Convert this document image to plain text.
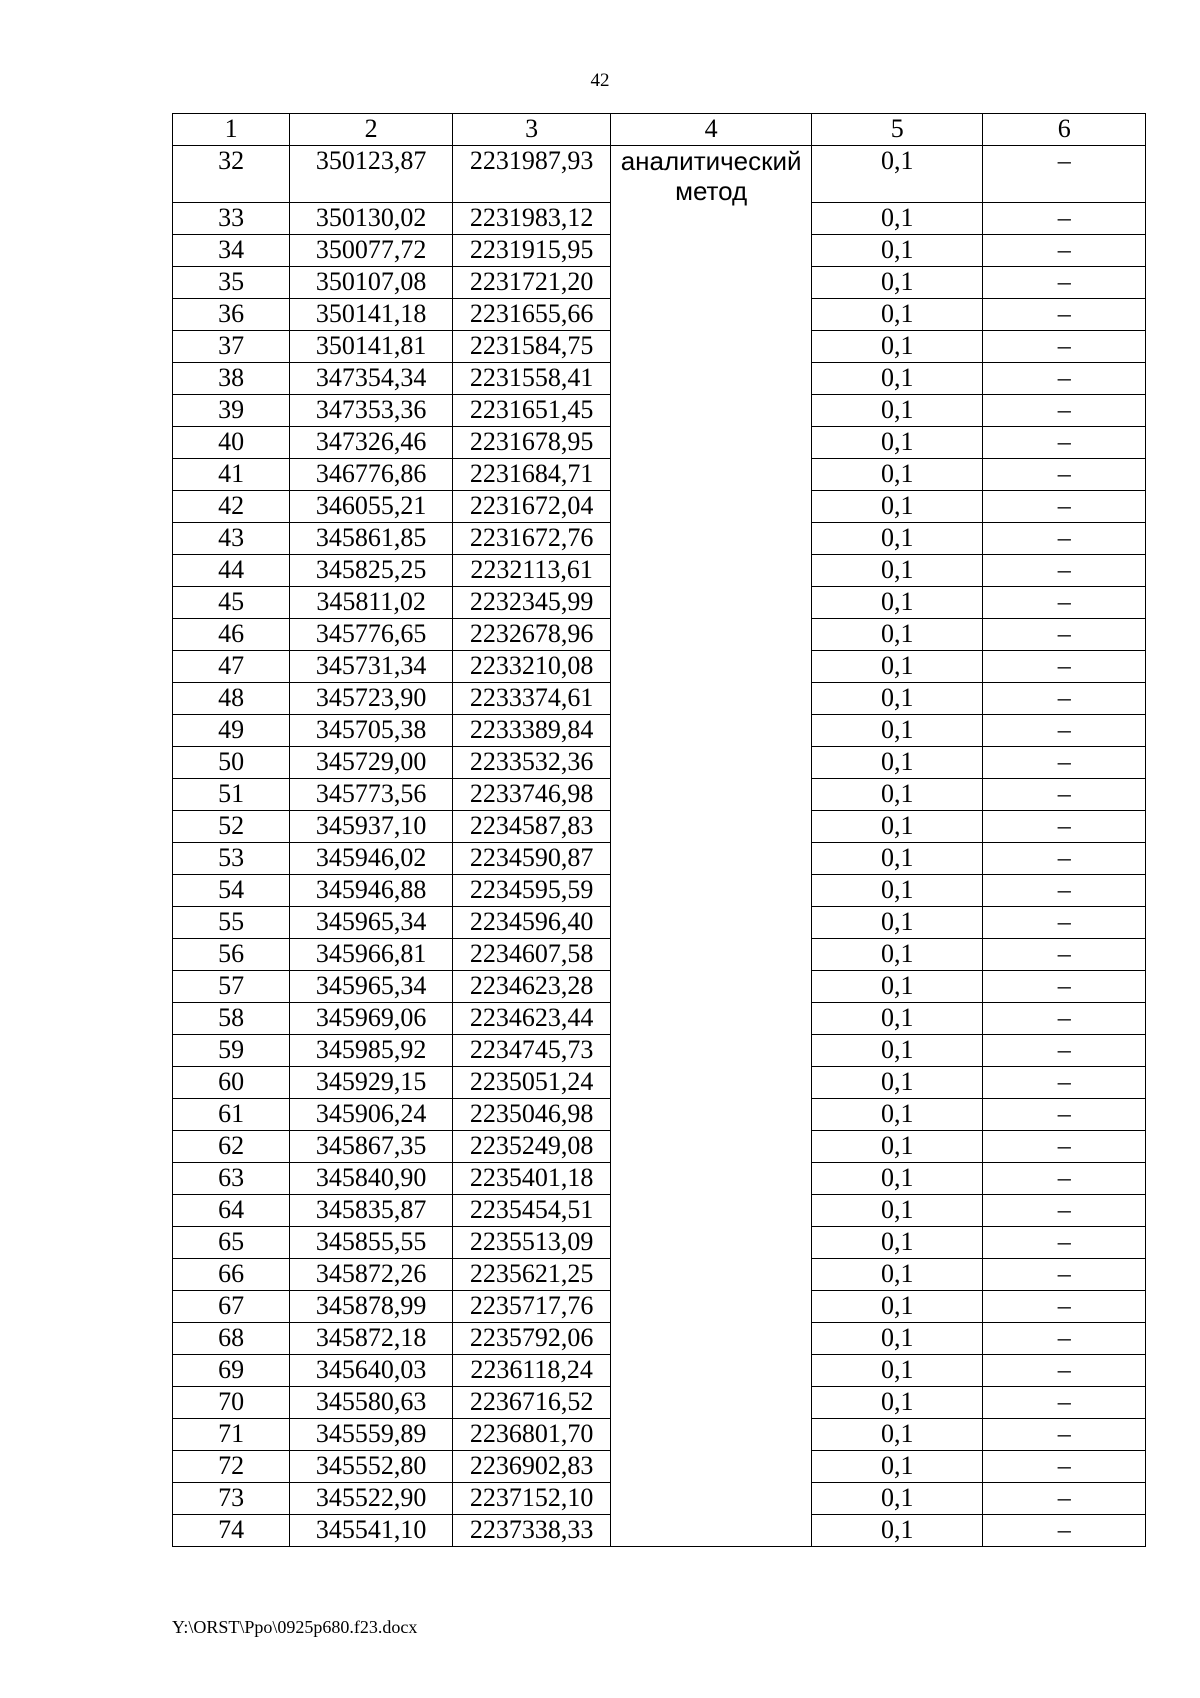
42
1	2	3	4	5	6
32	350123,87	2231987,93	аналитический метод	0,1	–
33	350130,02	2231983,12		0,1	–
34	350077,72	2231915,95		0,1	–
35	350107,08	2231721,20		0,1	–
36	350141,18	2231655,66		0,1	–
37	350141,81	2231584,75		0,1	–
38	347354,34	2231558,41		0,1	–
39	347353,36	2231651,45		0,1	–
40	347326,46	2231678,95		0,1	–
41	346776,86	2231684,71		0,1	–
42	346055,21	2231672,04		0,1	–
43	345861,85	2231672,76		0,1	–
44	345825,25	2232113,61		0,1	–
45	345811,02	2232345,99		0,1	–
46	345776,65	2232678,96		0,1	–
47	345731,34	2233210,08		0,1	–
48	345723,90	2233374,61		0,1	–
49	345705,38	2233389,84		0,1	–
50	345729,00	2233532,36		0,1	–
51	345773,56	2233746,98		0,1	–
52	345937,10	2234587,83		0,1	–
53	345946,02	2234590,87		0,1	–
54	345946,88	2234595,59		0,1	–
55	345965,34	2234596,40		0,1	–
56	345966,81	2234607,58		0,1	–
57	345965,34	2234623,28		0,1	–
58	345969,06	2234623,44		0,1	–
59	345985,92	2234745,73		0,1	–
60	345929,15	2235051,24		0,1	–
61	345906,24	2235046,98		0,1	–
62	345867,35	2235249,08		0,1	–
63	345840,90	2235401,18		0,1	–
64	345835,87	2235454,51		0,1	–
65	345855,55	2235513,09		0,1	–
66	345872,26	2235621,25		0,1	–
67	345878,99	2235717,76		0,1	–
68	345872,18	2235792,06		0,1	–
69	345640,03	2236118,24		0,1	–
70	345580,63	2236716,52		0,1	–
71	345559,89	2236801,70		0,1	–
72	345552,80	2236902,83		0,1	–
73	345522,90	2237152,10		0,1	–
74	345541,10	2237338,33		0,1	–
Y:\ORST\Ppo\0925p680.f23.docx
